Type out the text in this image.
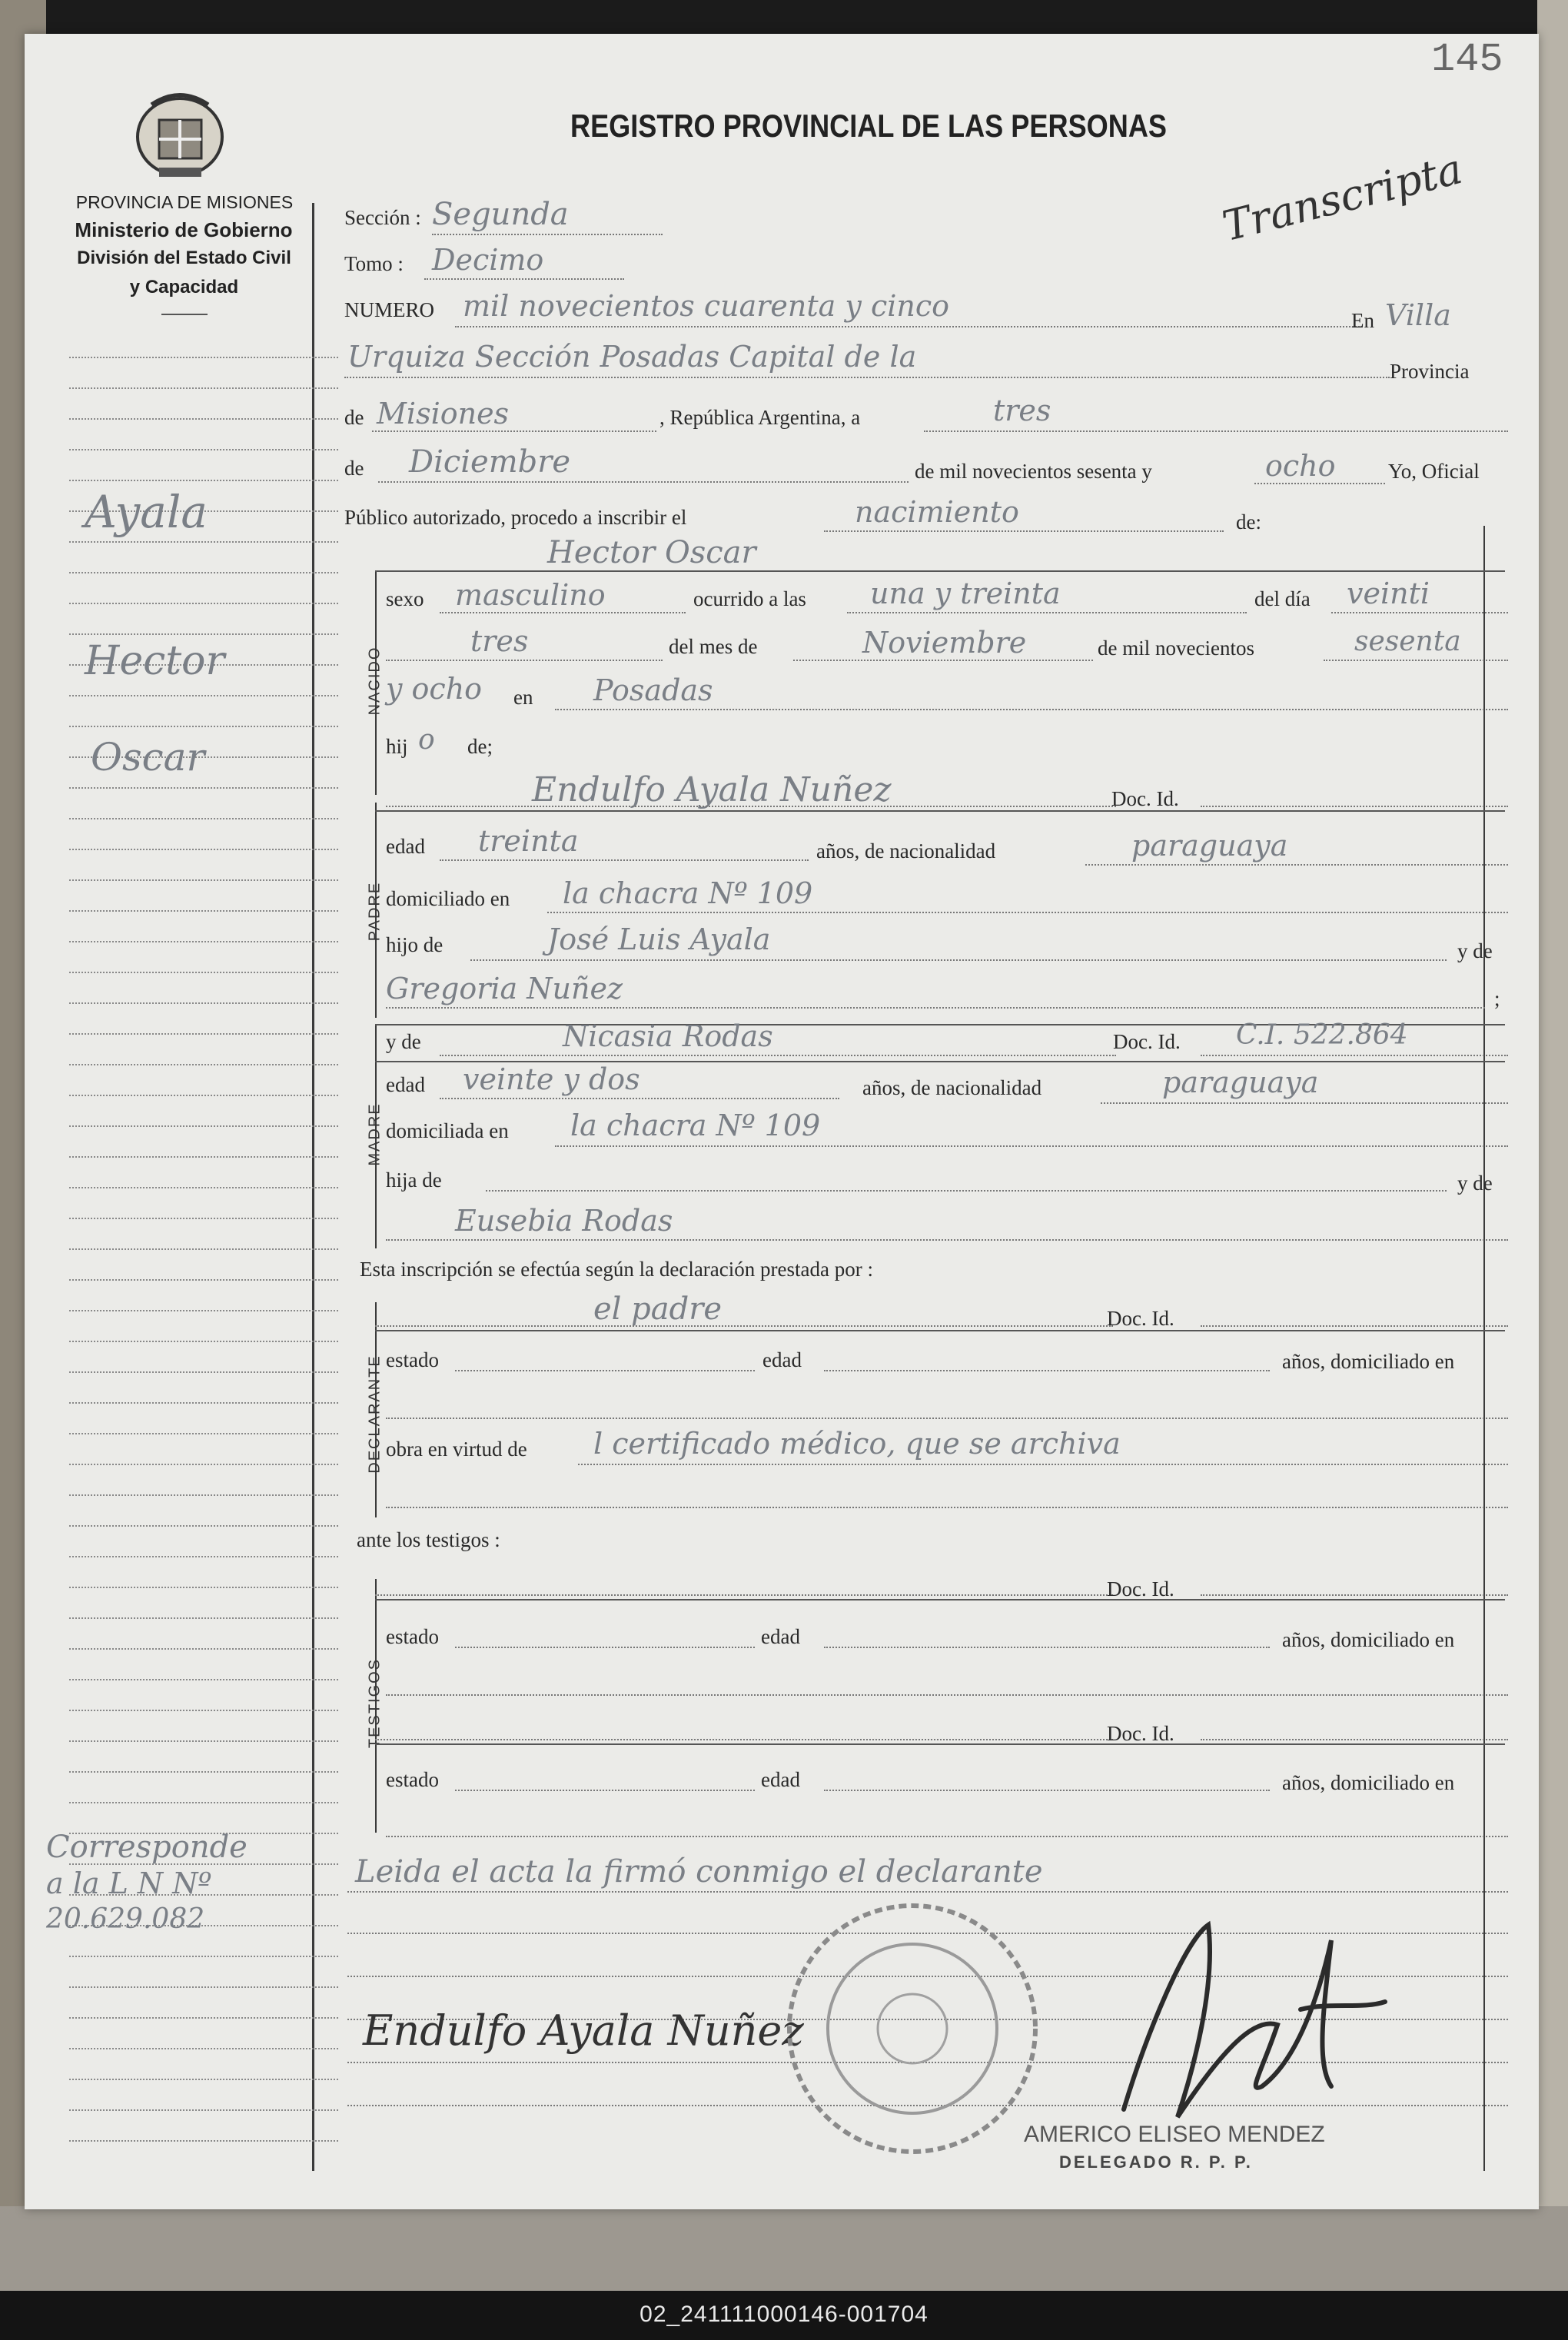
145
REGISTRO PROVINCIAL DE LAS PERSONAS
Transcripta
PROVINCIA DE MISIONES
Ministerio de Gobierno
División del Estado Civil
y Capacidad
Ayala
Hector
Oscar
Corresponde
a la L N Nº
20.629.082
Sección : Segunda
Tomo : Decimo
NUMERO mil novecientos cuarenta y cinco	En Villa
Urquiza Sección Posadas Capital de la	Provincia
de Misiones	, República Argentina, a	tres
de Diciembre	de mil novecientos sesenta y	ocho	Yo, Oficial
Público autorizado, procedo a inscribir el	nacimiento	de:
NACIDO
Hector Oscar
sexo masculino	ocurrido a las una y treinta	del día veinti
tres	del mes de	Noviembre	de mil novecientos	sesenta
y ocho en Posadas
hij o de;
PADRE
Endulfo Ayala Nuñez	Doc. Id.
edad treinta	años, de nacionalidad	paraguaya
domiciliado en la chacra Nº 109
hijo de	José Luis Ayala	y de
Gregoria Nuñez	;
MADRE
y de	Nicasia Rodas	Doc. Id. C.I. 522.864
edad veinte y dos	años, de nacionalidad	paraguaya
domiciliada en la chacra Nº 109
hija de	y de
Eusebia Rodas
Esta inscripción se efectúa según la declaración prestada por :
DECLARANTE
el padre	Doc. Id.
estado	edad	años, domiciliado en
obra en virtud de l certificado médico, que se archiva
ante los testigos :
TESTIGOS
Doc. Id.
estado	edad	años, domiciliado en
Doc. Id.
estado	edad	años, domiciliado en
Leida el acta la firmó conmigo el declarante
Endulfo Ayala Nuñez
AMERICO ELISEO MENDEZ
DELEGADO R. P. P.
02_241111000146-001704
